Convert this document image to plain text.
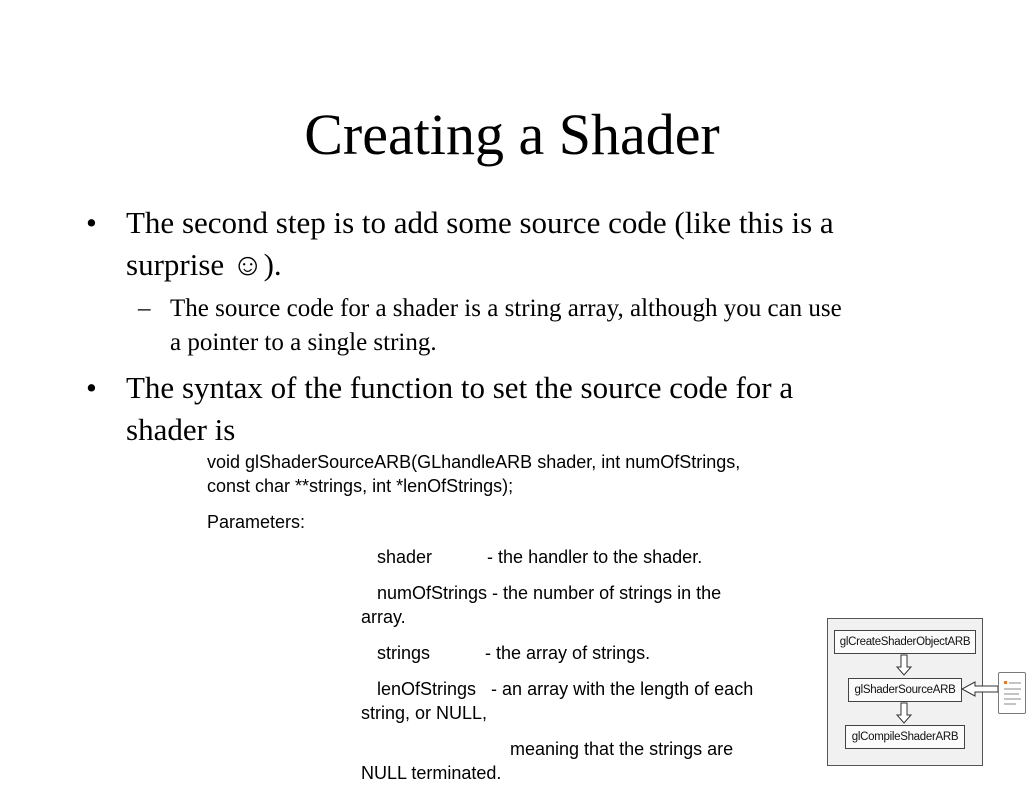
Creating a Shader
• The second step is to add some source code (like this is a
surprise ☺).
– The source code for a shader is a string array, although you can use
a pointer to a single string.
• The syntax of the function to set the source code for a
shader is
void glShaderSourceARB(GLhandleARB shader, int numOfStrings,
const char **strings, int *lenOfStrings);
Parameters:
shader           - the handler to the shader.
numOfStrings - the number of strings in the
array.
strings           - the array of strings.
lenOfStrings   - an array with the length of each
string, or NULL,
meaning that the strings are
NULL terminated.
glCreateShaderObjectARB
glShaderSourceARB
glCompileShaderARB
